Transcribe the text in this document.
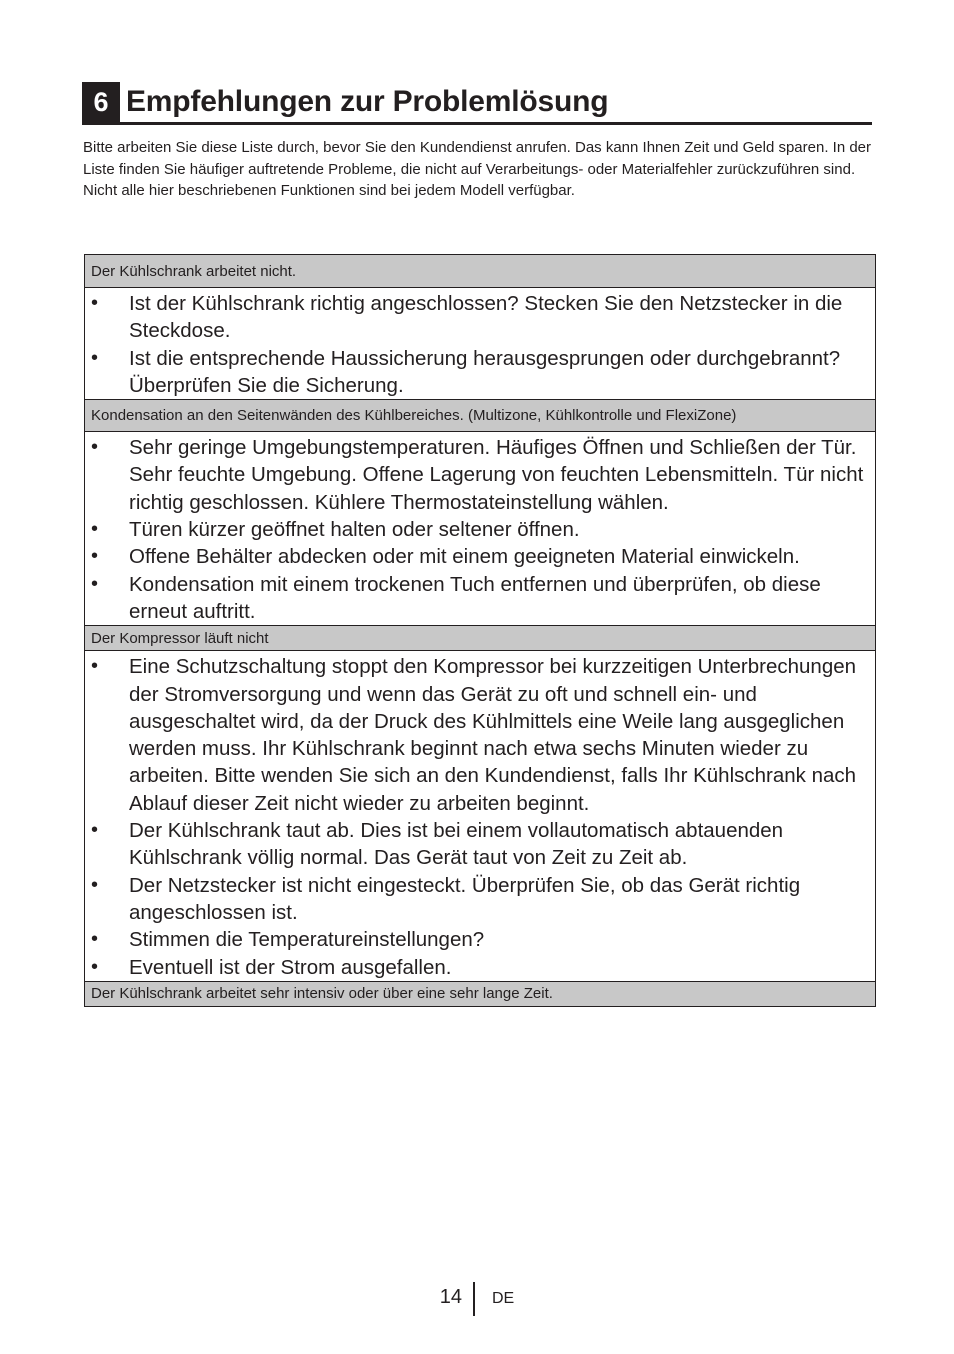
6 Empfehlungen zur Problemlösung

Bitte arbeiten Sie diese Liste durch, bevor Sie den Kundendienst anrufen. Das kann Ihnen Zeit und Geld sparen. In der Liste finden Sie häufiger auftretende Probleme, die nicht auf Verarbeitungs- oder Materialfehler zurückzuführen sind. Nicht alle hier beschriebenen Funktionen sind bei jedem Modell verfügbar.

Der Kühlschrank arbeitet nicht.
• Ist der Kühlschrank richtig angeschlossen? Stecken Sie den Netzstecker in die Steckdose.
• Ist die entsprechende Haussicherung herausgesprungen oder durchgebrannt? Überprüfen Sie die Sicherung.
Kondensation an den Seitenwänden des Kühlbereiches. (Multizone, Kühlkontrolle und FlexiZone)
• Sehr geringe Umgebungstemperaturen. Häufiges Öffnen und Schließen der Tür. Sehr feuchte Umgebung. Offene Lagerung von feuchten Lebensmitteln. Tür nicht richtig geschlossen. Kühlere Thermostateinstellung wählen.
• Türen kürzer geöffnet halten oder seltener öffnen.
• Offene Behälter abdecken oder mit einem geeigneten Material einwickeln.
• Kondensation mit einem trockenen Tuch entfernen und überprüfen, ob diese erneut auftritt.
Der Kompressor läuft nicht
• Eine Schutzschaltung stoppt den Kompressor bei kurzzeitigen Unterbrechungen der Stromversorgung und wenn das Gerät zu oft und schnell ein- und ausgeschaltet wird, da der Druck des Kühlmittels eine Weile lang ausgeglichen werden muss. Ihr Kühlschrank beginnt nach etwa sechs Minuten wieder zu arbeiten. Bitte wenden Sie sich an den Kundendienst, falls Ihr Kühlschrank nach Ablauf dieser Zeit nicht wieder zu arbeiten beginnt.
• Der Kühlschrank taut ab. Dies ist bei einem vollautomatisch abtauenden Kühlschrank völlig normal. Das Gerät taut von Zeit zu Zeit ab.
• Der Netzstecker ist nicht eingesteckt. Überprüfen Sie, ob das Gerät richtig angeschlossen ist.
• Stimmen die Temperatureinstellungen?
• Eventuell ist der Strom ausgefallen.
Der Kühlschrank arbeitet sehr intensiv oder über eine sehr lange Zeit.
14 DE
